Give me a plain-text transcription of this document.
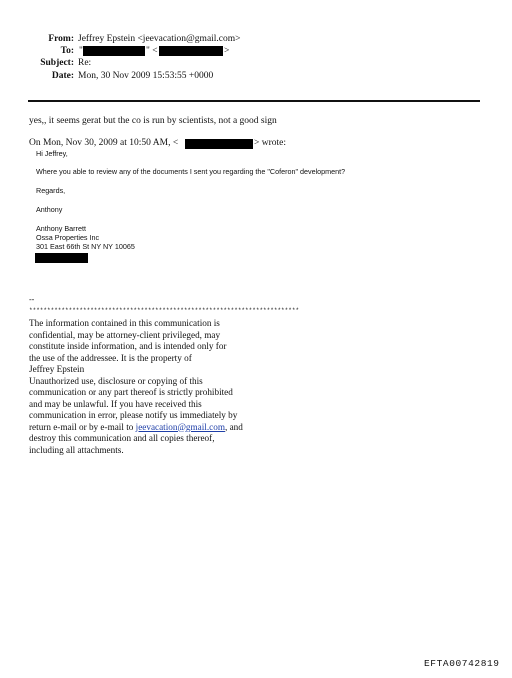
From: Jeffrey Epstein <jeevacation@gmail.com>
To: "	" <	>
Subject: Re:
Date: Mon, 30 Nov 2009 15:53:55 +0000
yes,, it seems gerat but the co is run by scientists, not a good sign
On Mon, Nov 30, 2009 at 10:50 AM, <	> wrote:
Hi Jeffrey,
Where you able to review any of the documents I sent you regarding the "Coferon" development?
Regards,
Anthony
Anthony Barrett
Ossa Properties Inc
301 East 66th St NY NY 10065
--
***************************************************************************
The information contained in this communication is
confidential, may be attorney-client privileged, may
constitute inside information, and is intended only for
the use of the addressee. It is the property of
Jeffrey Epstein
Unauthorized use, disclosure or copying of this
communication or any part thereof is strictly prohibited
and may be unlawful. If you have received this
communication in error, please notify us immediately by
return e-mail or by e-mail to jeevacation@gmail.com, and
destroy this communication and all copies thereof,
including all attachments.
EFTA00742819
